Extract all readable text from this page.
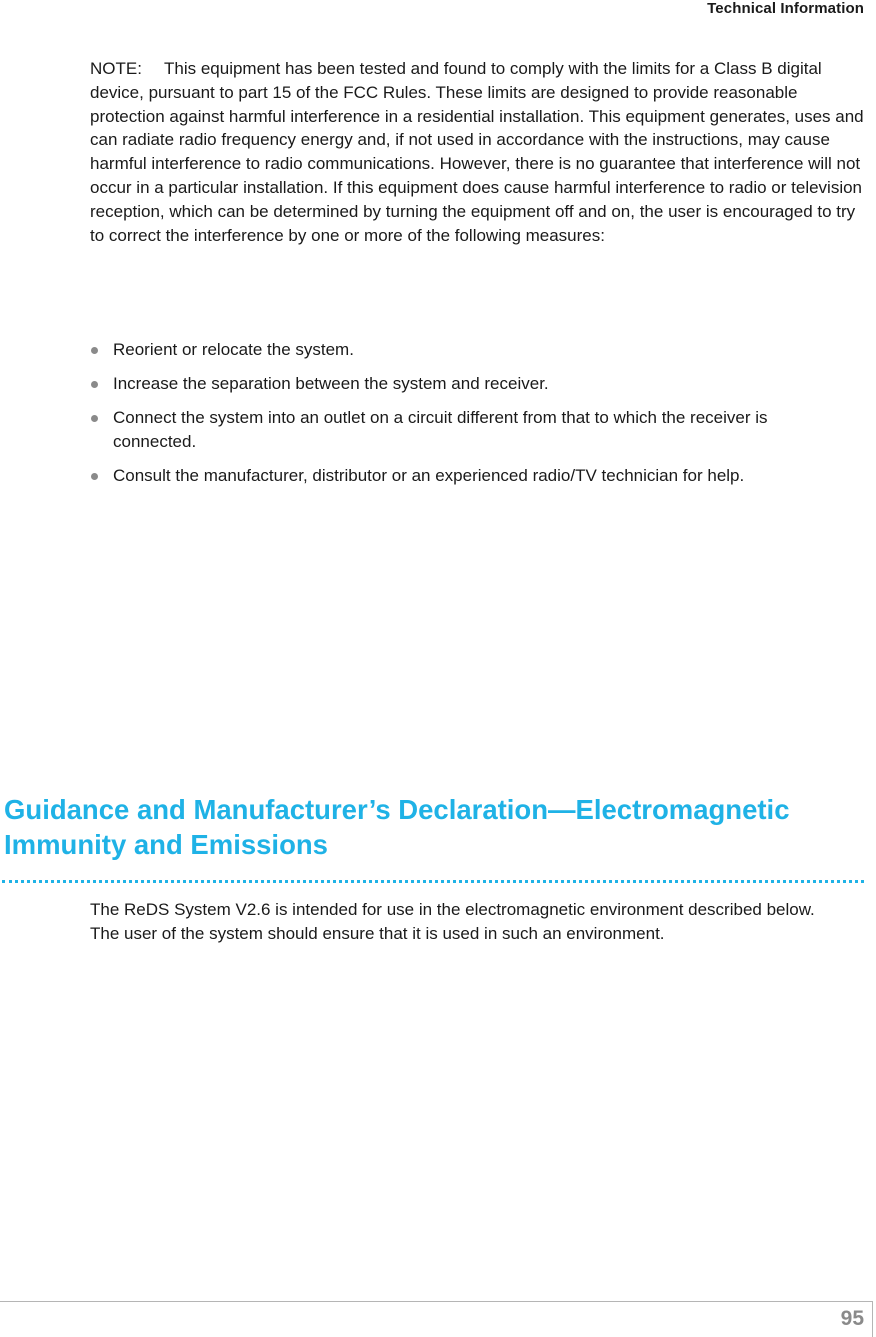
Technical Information
NOTE: This equipment has been tested and found to comply with the limits for a Class B digital device, pursuant to part 15 of the FCC Rules. These limits are designed to provide reasonable protection against harmful interference in a residential installation. This equipment generates, uses and can radiate radio frequency energy and, if not used in accordance with the instructions, may cause harmful interference to radio communications. However, there is no guarantee that interference will not occur in a particular installation. If this equipment does cause harmful interference to radio or television reception, which can be determined by turning the equipment off and on, the user is encouraged to try to correct the interference by one or more of the following measures:
Reorient or relocate the system.
Increase the separation between the system and receiver.
Connect the system into an outlet on a circuit different from that to which the receiver is connected.
Consult the manufacturer, distributor or an experienced radio/TV technician for help.
Guidance and Manufacturer’s Declaration—Electromagnetic Immunity and Emissions
The ReDS System V2.6 is intended for use in the electromagnetic environment described below. The user of the system should ensure that it is used in such an environment.
95
